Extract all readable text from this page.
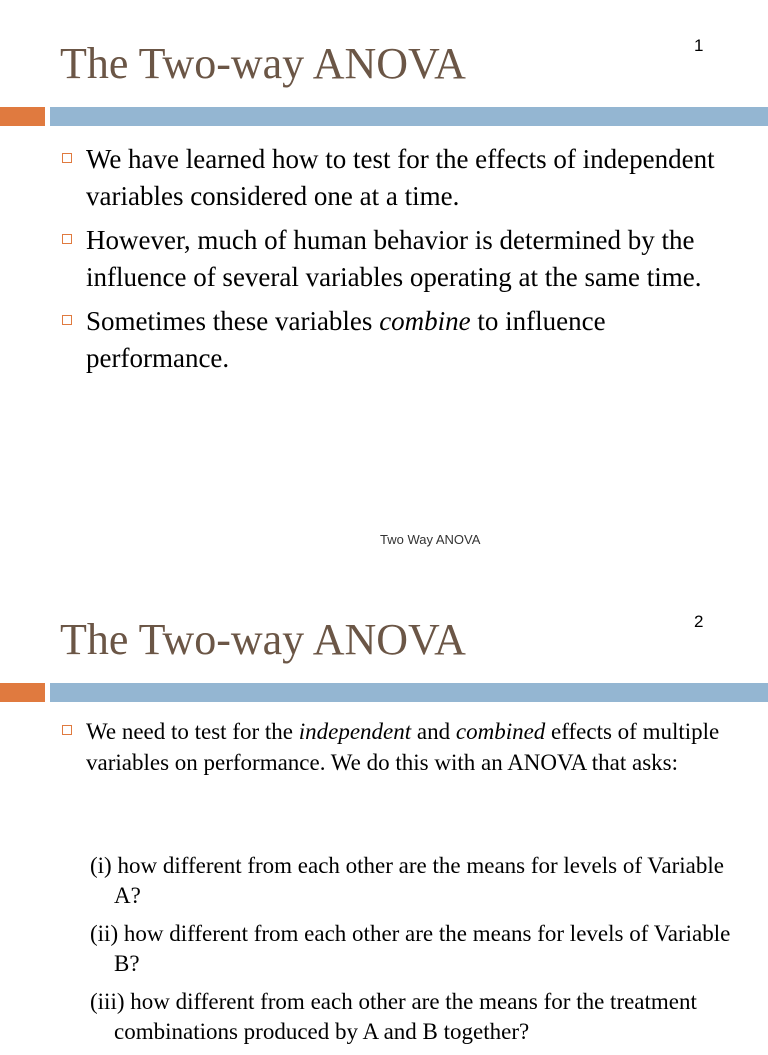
The Two-way ANOVA	1
We have learned how to test for the effects of independent variables considered one at a time.
However, much of human behavior is determined by the influence of several variables operating at the same time.
Sometimes these variables combine to influence performance.
Two Way ANOVA
The Two-way ANOVA	2
We need to test for the independent and combined effects of multiple variables on performance. We do this with an ANOVA that asks:
(i) how different from each other are the means for levels of Variable A?
(ii) how different from each other are the means for levels of Variable B?
(iii) how different from each other are the means for the treatment combinations produced by A and B together?
